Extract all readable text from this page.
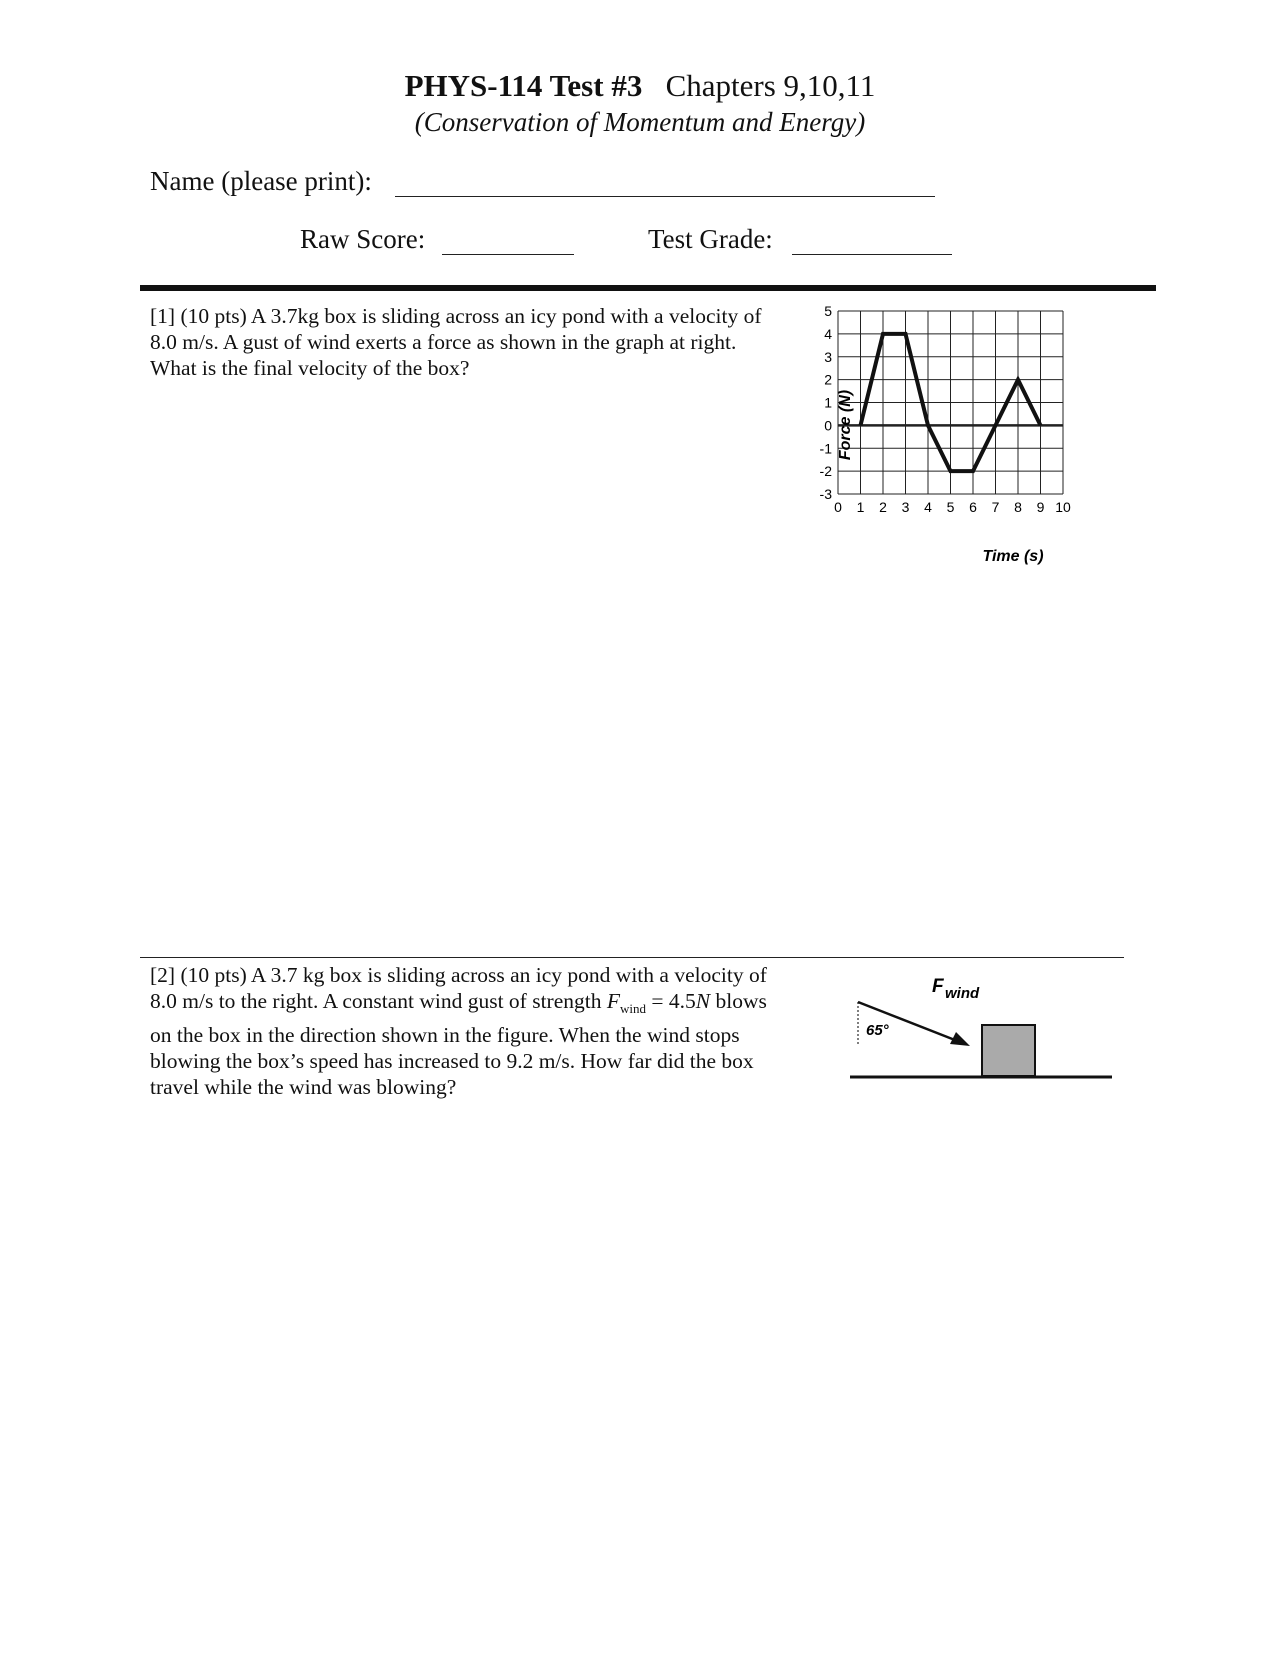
PHYS-114 Test #3 Chapters 9,10,11
(Conservation of Momentum and Energy)
Name (please print):
Raw Score:	Test Grade:

[1] (10 pts) A 3.7kg box is sliding across an icy pond with a velocity of

8.0 m/s. A gust of wind exerts a force as shown in the graph at right.

What is the final velocity of the box?

5
4
3
2
1
0
-1
-2
-3
0 1 2 3 4 5 6 7 8 9 10
Force (N)
Time (s)

[2] (10 pts) A 3.7 kg box is sliding across an icy pond with a velocity of

8.0 m/s to the right. A constant wind gust of strength $F_{wind} = 4.5N$ blows

on the box in the direction shown in the figure. When the wind stops

blowing the box’s speed has increased to 9.2 m/s. How far did the box

travel while the wind was blowing?

65°
F wind
